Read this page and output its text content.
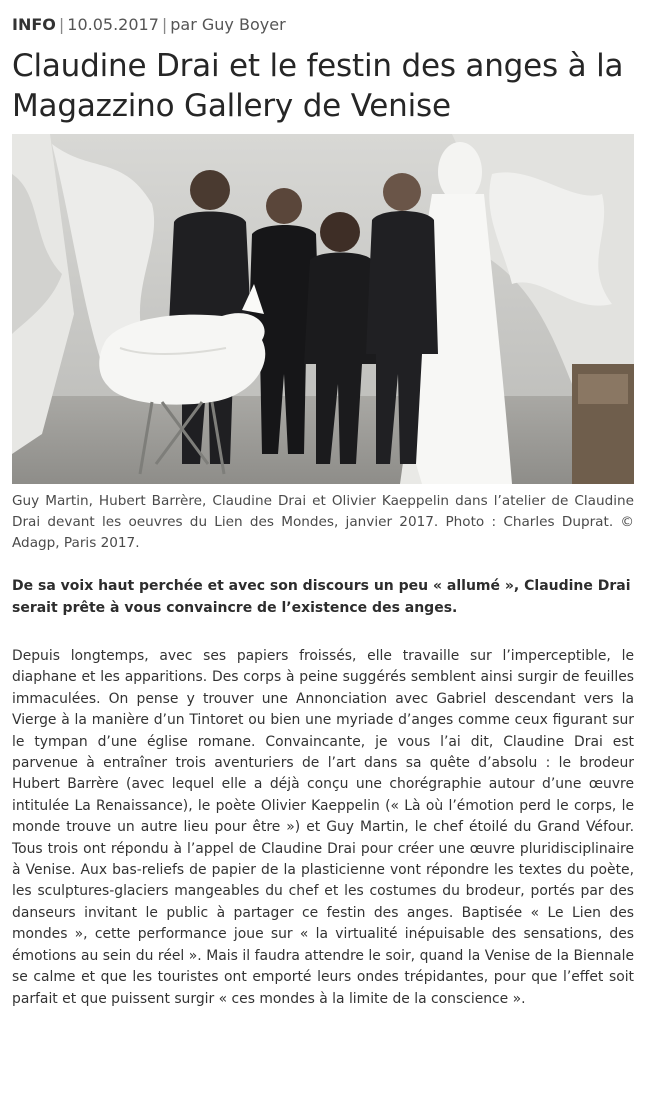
INFO | 10.05.2017 | par Guy Boyer
Claudine Drai et le festin des anges à la Magazzino Gallery de Venise

Guy Martin, Hubert Barrère, Claudine Drai et Olivier Kaeppelin dans l’atelier de Claudine Drai devant les oeuvres du Lien des Mondes, janvier 2017. Photo : Charles Duprat. © Adagp, Paris 2017.

De sa voix haut perchée et avec son discours un peu « allumé », Claudine Drai serait prête à vous convaincre de l’existence des anges.

Depuis longtemps, avec ses papiers froissés, elle travaille sur l’imperceptible, le diaphane et les apparitions. Des corps à peine suggérés semblent ainsi surgir de feuilles immaculées. On pense y trouver une Annonciation avec Gabriel descendant vers la Vierge à la manière d’un Tintoret ou bien une myriade d’anges comme ceux figurant sur le tympan d’une église romane. Convaincante, je vous l’ai dit, Claudine Drai est parvenue à entraîner trois aventuriers de l’art dans sa quête d’absolu : le brodeur Hubert Barrère (avec lequel elle a déjà conçu une chorégraphie autour d’une œuvre intitulée La Renaissance), le poète Olivier Kaeppelin (« Là où l’émotion perd le corps, le monde trouve un autre lieu pour être ») et Guy Martin, le chef étoilé du Grand Véfour. Tous trois ont répondu à l’appel de Claudine Drai pour créer une œuvre pluridisciplinaire à Venise. Aux bas-reliefs de papier de la plasticienne vont répondre les textes du poète, les sculptures-glaciers mangeables du chef et les costumes du brodeur, portés par des danseurs invitant le public à partager ce festin des anges. Baptisée « Le Lien des mondes », cette performance joue sur « la virtualité inépuisable des sensations, des émotions au sein du réel ». Mais il faudra attendre le soir, quand la Venise de la Biennale se calme et que les touristes ont emporté leurs ondes trépidantes, pour que l’effet soit parfait et que puissent surgir « ces mondes à la limite de la conscience ».
